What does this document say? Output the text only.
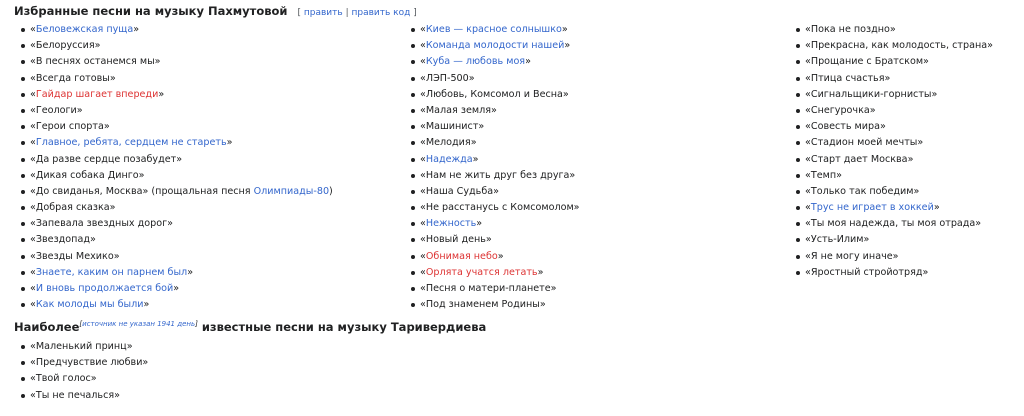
Избранные песни на музыку Пахмутовой [ править | править код ]
«Беловежская пуща»
«Белоруссия»
«В песнях останемся мы»
«Всегда готовы»
«Гайдар шагает впереди»
«Геологи»
«Герои спорта»
«Главное, ребята, сердцем не стареть»
«Да разве сердце позабудет»
«Дикая собака Динго»
«До свиданья, Москва» (прощальная песня Олимпиады-80)
«Добрая сказка»
«Запевала звездных дорог»
«Звездопад»
«Звезды Мехико»
«Знаете, каким он парнем был»
«И вновь продолжается бой»
«Как молоды мы были»
«Киев — красное солнышко»
«Команда молодости нашей»
«Куба — любовь моя»
«ЛЭП-500»
«Любовь, Комсомол и Весна»
«Малая земля»
«Машинист»
«Мелодия»
«Надежда»
«Нам не жить друг без друга»
«Наша Судьба»
«Не расстанусь с Комсомолом»
«Нежность»
«Новый день»
«Обнимая небо»
«Орлята учатся летать»
«Песня о матери-планете»
«Под знаменем Родины»
«Пока не поздно»
«Прекрасна, как молодость, страна»
«Прощание с Братском»
«Птица счастья»
«Сигнальщики-горнисты»
«Снегурочка»
«Совесть мира»
«Стадион моей мечты»
«Старт дает Москва»
«Темп»
«Только так победим»
«Трус не играет в хоккей»
«Ты моя надежда, ты моя отрада»
«Усть-Илим»
«Я не могу иначе»
«Яростный стройотряд»
Наиболее[источник не указан 1941 день] известные песни на музыку Таривердиева
«Маленький принц»
«Предчувствие любви»
«Твой голос»
«Ты не печалься»
